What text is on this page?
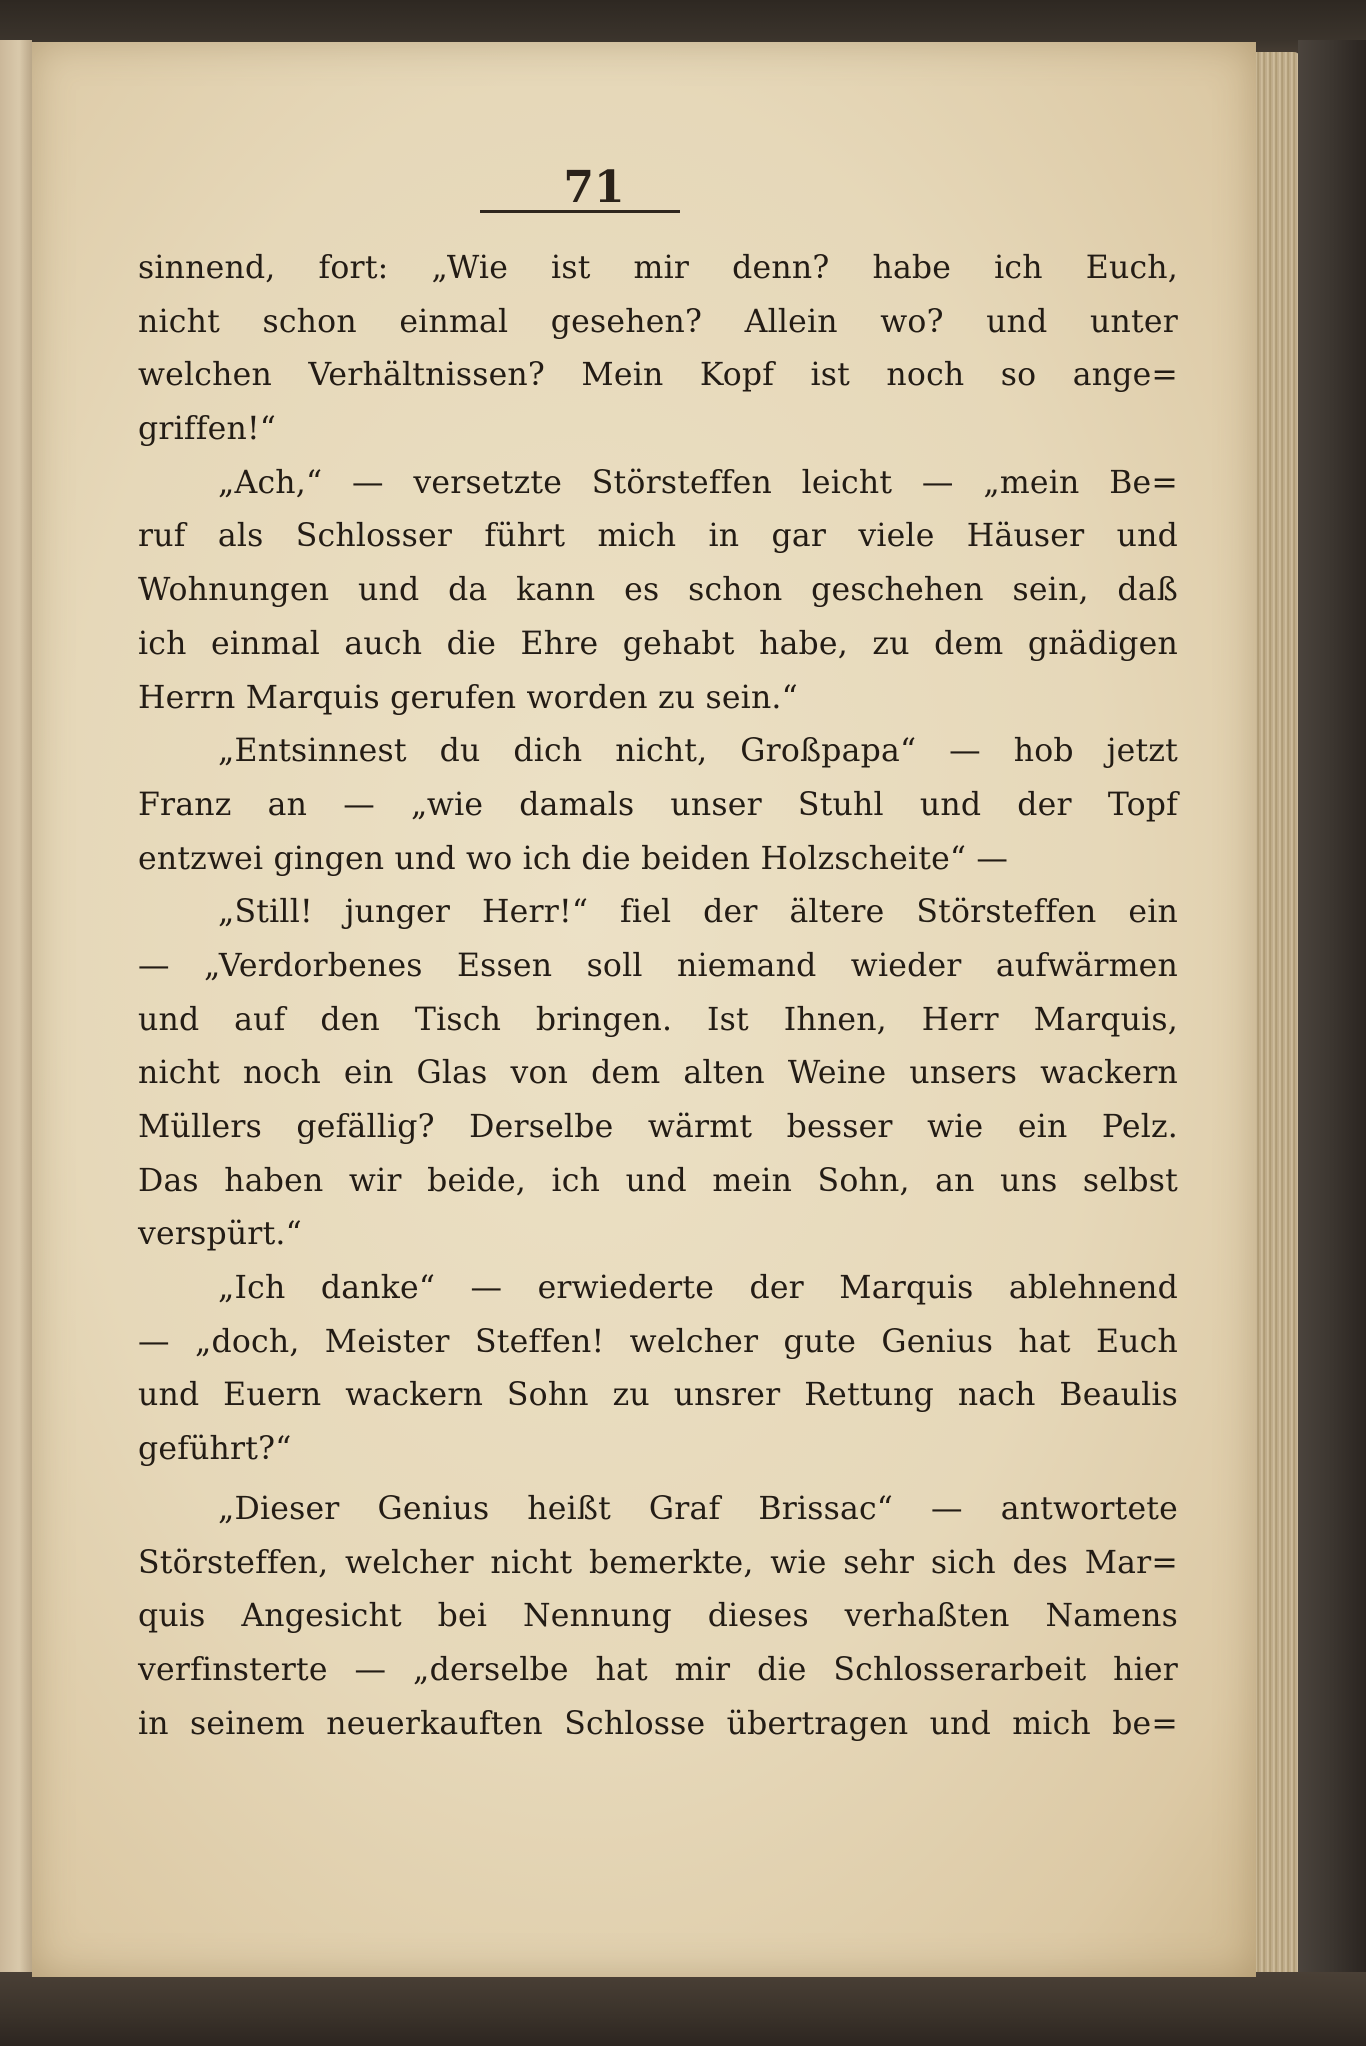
71
sinnend, fort: „Wie ist mir denn? habe ich Euch,
nicht schon einmal gesehen? Allein wo? und unter
welchen Verhältnissen? Mein Kopf ist noch so ange=
griffen!“
„Ach,“ — versetzte Störsteffen leicht — „mein Be=
ruf als Schlosser führt mich in gar viele Häuser und
Wohnungen und da kann es schon geschehen sein, daß
ich einmal auch die Ehre gehabt habe, zu dem gnädigen
Herrn Marquis gerufen worden zu sein.“
„Entsinnest du dich nicht, Großpapa“ — hob jetzt
Franz an — „wie damals unser Stuhl und der Topf
entzwei gingen und wo ich die beiden Holzscheite“ —
„Still! junger Herr!“ fiel der ältere Störsteffen ein
— „Verdorbenes Essen soll niemand wieder aufwärmen
und auf den Tisch bringen. Ist Ihnen, Herr Marquis,
nicht noch ein Glas von dem alten Weine unsers wackern
Müllers gefällig? Derselbe wärmt besser wie ein Pelz.
Das haben wir beide, ich und mein Sohn, an uns selbst
verspürt.“
„Ich danke“ — erwiederte der Marquis ablehnend
— „doch, Meister Steffen! welcher gute Genius hat Euch
und Euern wackern Sohn zu unsrer Rettung nach Beaulis
geführt?“
„Dieser Genius heißt Graf Brissac“ — antwortete
Störsteffen, welcher nicht bemerkte, wie sehr sich des Mar=
quis Angesicht bei Nennung dieses verhaßten Namens
verfinsterte — „derselbe hat mir die Schlosserarbeit hier
in seinem neuerkauften Schlosse übertragen und mich be=
